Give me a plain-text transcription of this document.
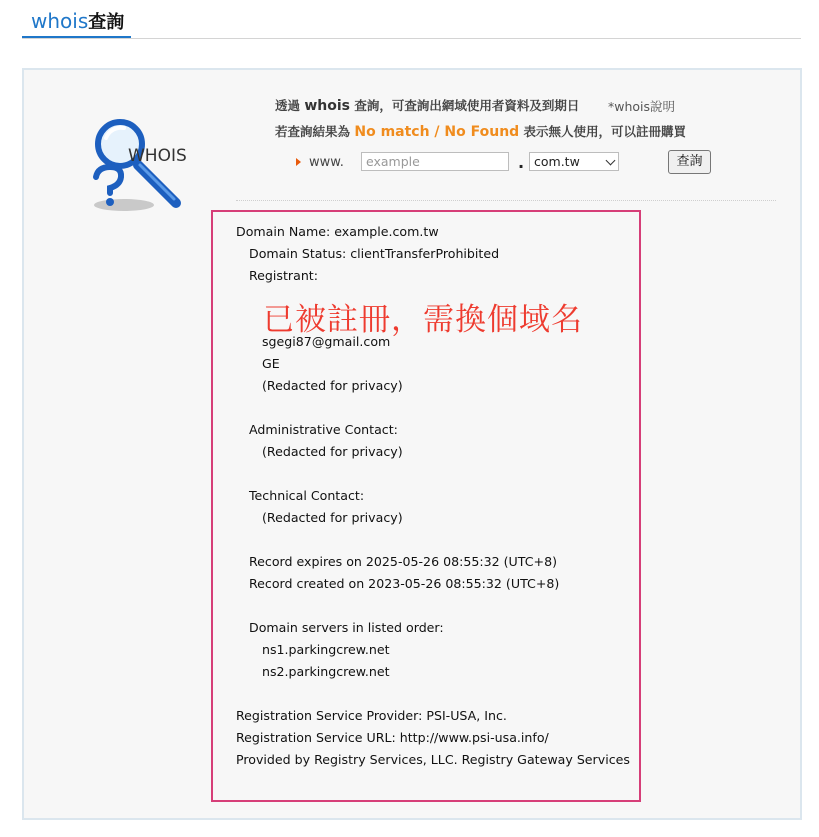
whois查詢
WHOIS
透過 whois 查詢，可查詢出網域使用者資料及到期日 *whois說明
若查詢結果為 No match / No Found 表示無人使用，可以註冊購買
www.	example	. com.tw	查詢
Domain Name: example.com.tw
Domain Status: clientTransferProhibited
Registrant:
已被註冊，需換個域名
sgegi87@gmail.com
GE
(Redacted for privacy)
Administrative Contact:
(Redacted for privacy)
Technical Contact:
(Redacted for privacy)
Record expires on 2025-05-26 08:55:32 (UTC+8)
Record created on 2023-05-26 08:55:32 (UTC+8)
Domain servers in listed order:
ns1.parkingcrew.net
ns2.parkingcrew.net
Registration Service Provider: PSI-USA, Inc.
Registration Service URL: http://www.psi-usa.info/
Provided by Registry Services, LLC. Registry Gateway Services
